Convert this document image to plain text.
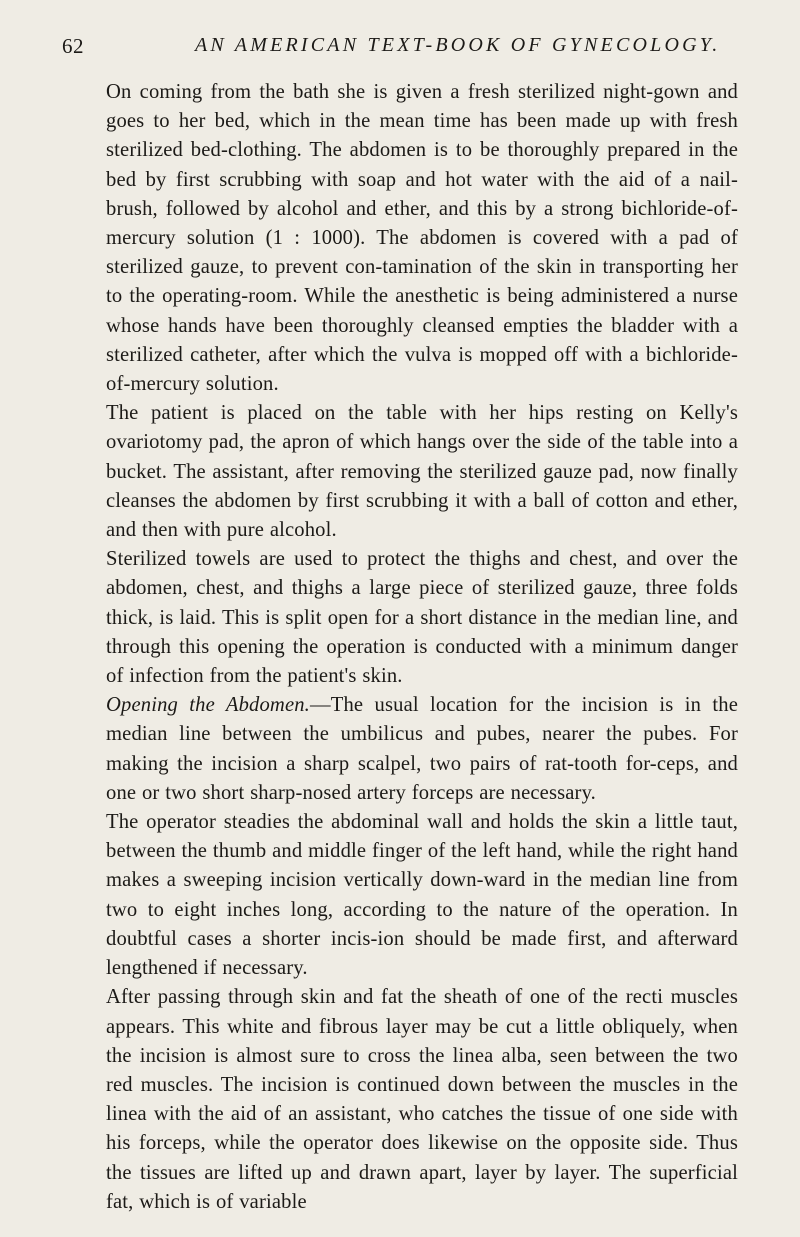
62	AN AMERICAN TEXT-BOOK OF GYNECOLOGY.

On coming from the bath she is given a fresh sterilized night-gown and goes to her bed, which in the mean time has been made up with fresh sterilized bed-clothing. The abdomen is to be thoroughly prepared in the bed by first scrubbing with soap and hot water with the aid of a nail-brush, followed by alcohol and ether, and this by a strong bichloride-of-mercury solution (1 : 1000). The abdomen is covered with a pad of sterilized gauze, to prevent con-tamination of the skin in transporting her to the operating-room. While the anesthetic is being administered a nurse whose hands have been thoroughly cleansed empties the bladder with a sterilized catheter, after which the vulva is mopped off with a bichloride-of-mercury solution.

The patient is placed on the table with her hips resting on Kelly's ovariotomy pad, the apron of which hangs over the side of the table into a bucket. The assistant, after removing the sterilized gauze pad, now finally cleanses the abdomen by first scrubbing it with a ball of cotton and ether, and then with pure alcohol.

Sterilized towels are used to protect the thighs and chest, and over the abdomen, chest, and thighs a large piece of sterilized gauze, three folds thick, is laid. This is split open for a short distance in the median line, and through this opening the operation is conducted with a minimum danger of infection from the patient's skin.

Opening the Abdomen.—The usual location for the incision is in the median line between the umbilicus and pubes, nearer the pubes. For making the incision a sharp scalpel, two pairs of rat-tooth for-ceps, and one or two short sharp-nosed artery forceps are necessary.

The operator steadies the abdominal wall and holds the skin a little taut, between the thumb and middle finger of the left hand, while the right hand makes a sweeping incision vertically down-ward in the median line from two to eight inches long, according to the nature of the operation. In doubtful cases a shorter incis-ion should be made first, and afterward lengthened if necessary.

After passing through skin and fat the sheath of one of the recti muscles appears. This white and fibrous layer may be cut a little obliquely, when the incision is almost sure to cross the linea alba, seen between the two red muscles. The incision is continued down between the muscles in the linea with the aid of an assistant, who catches the tissue of one side with his forceps, while the operator does likewise on the opposite side. Thus the tissues are lifted up and drawn apart, layer by layer. The superficial fat, which is of variable
